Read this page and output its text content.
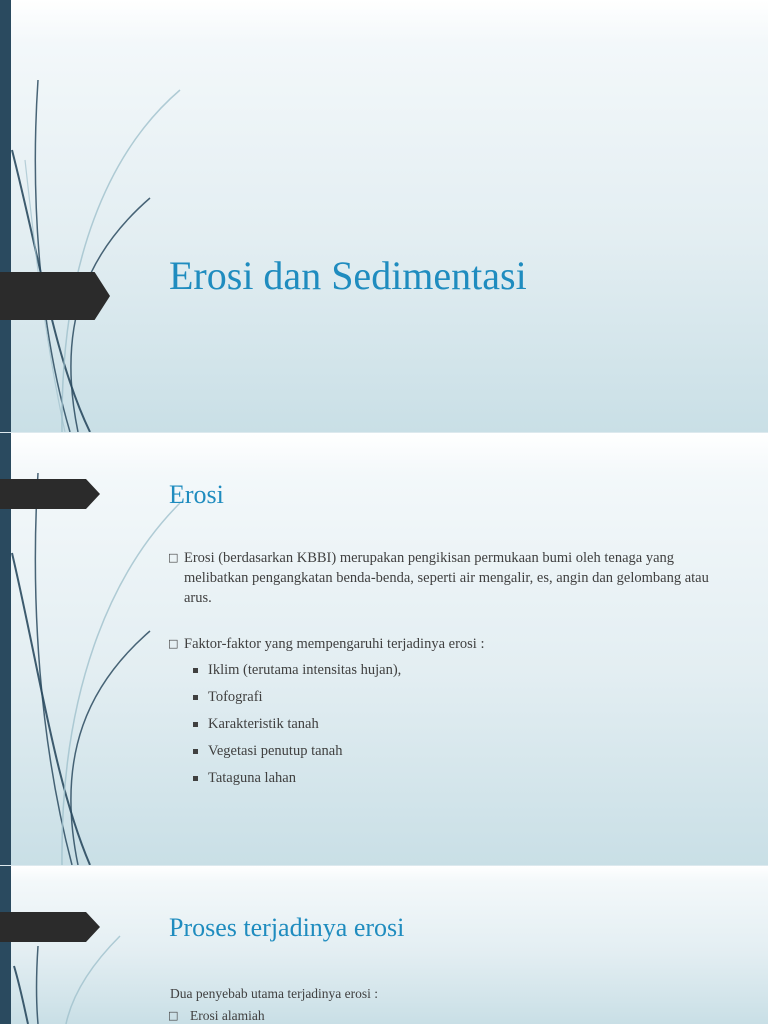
Erosi dan Sedimentasi
Erosi
□ Erosi (berdasarkan KBBI) merupakan pengikisan permukaan bumi oleh tenaga yang melibatkan pengangkatan benda-benda, seperti air mengalir, es, angin dan gelombang atau arus.
□ Faktor-faktor yang mempengaruhi terjadinya erosi :
Iklim (terutama intensitas hujan),
Tofografi
Karakteristik tanah
Vegetasi penutup tanah
Tataguna lahan
Proses terjadinya erosi
Dua penyebab utama terjadinya erosi :
□ Erosi alamiah
